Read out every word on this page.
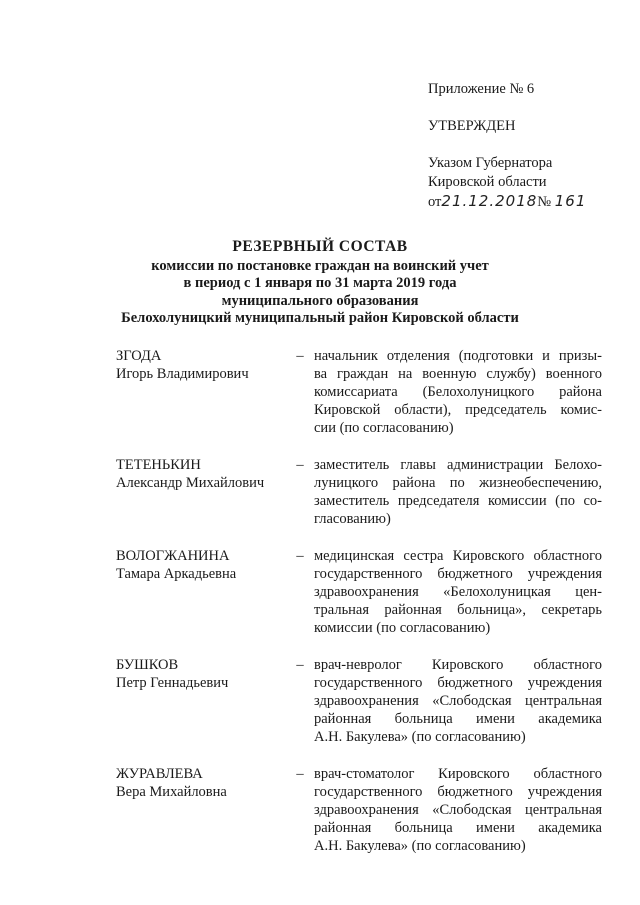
Приложение № 6
УТВЕРЖДЕН
Указом Губернатора
Кировской области
от21.12.2018№ 161
РЕЗЕРВНЫЙ СОСТАВ
комиссии по постановке граждан на воинский учет
в период с 1 января по 31 марта 2019 года
муниципального образования
Белохолуницкий муниципальный район Кировской области
ЗГОДА
Игорь Владимирович
– начальник отделения (подготовки и призы-
ва граждан на военную службу) военного
комиссариата (Белохолуницкого района
Кировской области), председатель комис-
сии (по согласованию)
ТЕТЕНЬКИН
Александр Михайлович
– заместитель главы администрации Белохо-
луницкого района по жизнеобеспечению,
заместитель председателя комиссии (по со-
гласованию)
ВОЛОГЖАНИНА
Тамара Аркадьевна
– медицинская сестра Кировского областного
государственного бюджетного учреждения
здравоохранения «Белохолуницкая цен-
тральная районная больница», секретарь
комиссии (по согласованию)
БУШКОВ
Петр Геннадьевич
– врач-невролог Кировского областного
государственного бюджетного учреждения
здравоохранения «Слободская центральная
районная больница имени академика
А.Н. Бакулева» (по согласованию)
ЖУРАВЛЕВА
Вера Михайловна
– врач-стоматолог Кировского областного
государственного бюджетного учреждения
здравоохранения «Слободская центральная
районная больница имени академика
А.Н. Бакулева» (по согласованию)
